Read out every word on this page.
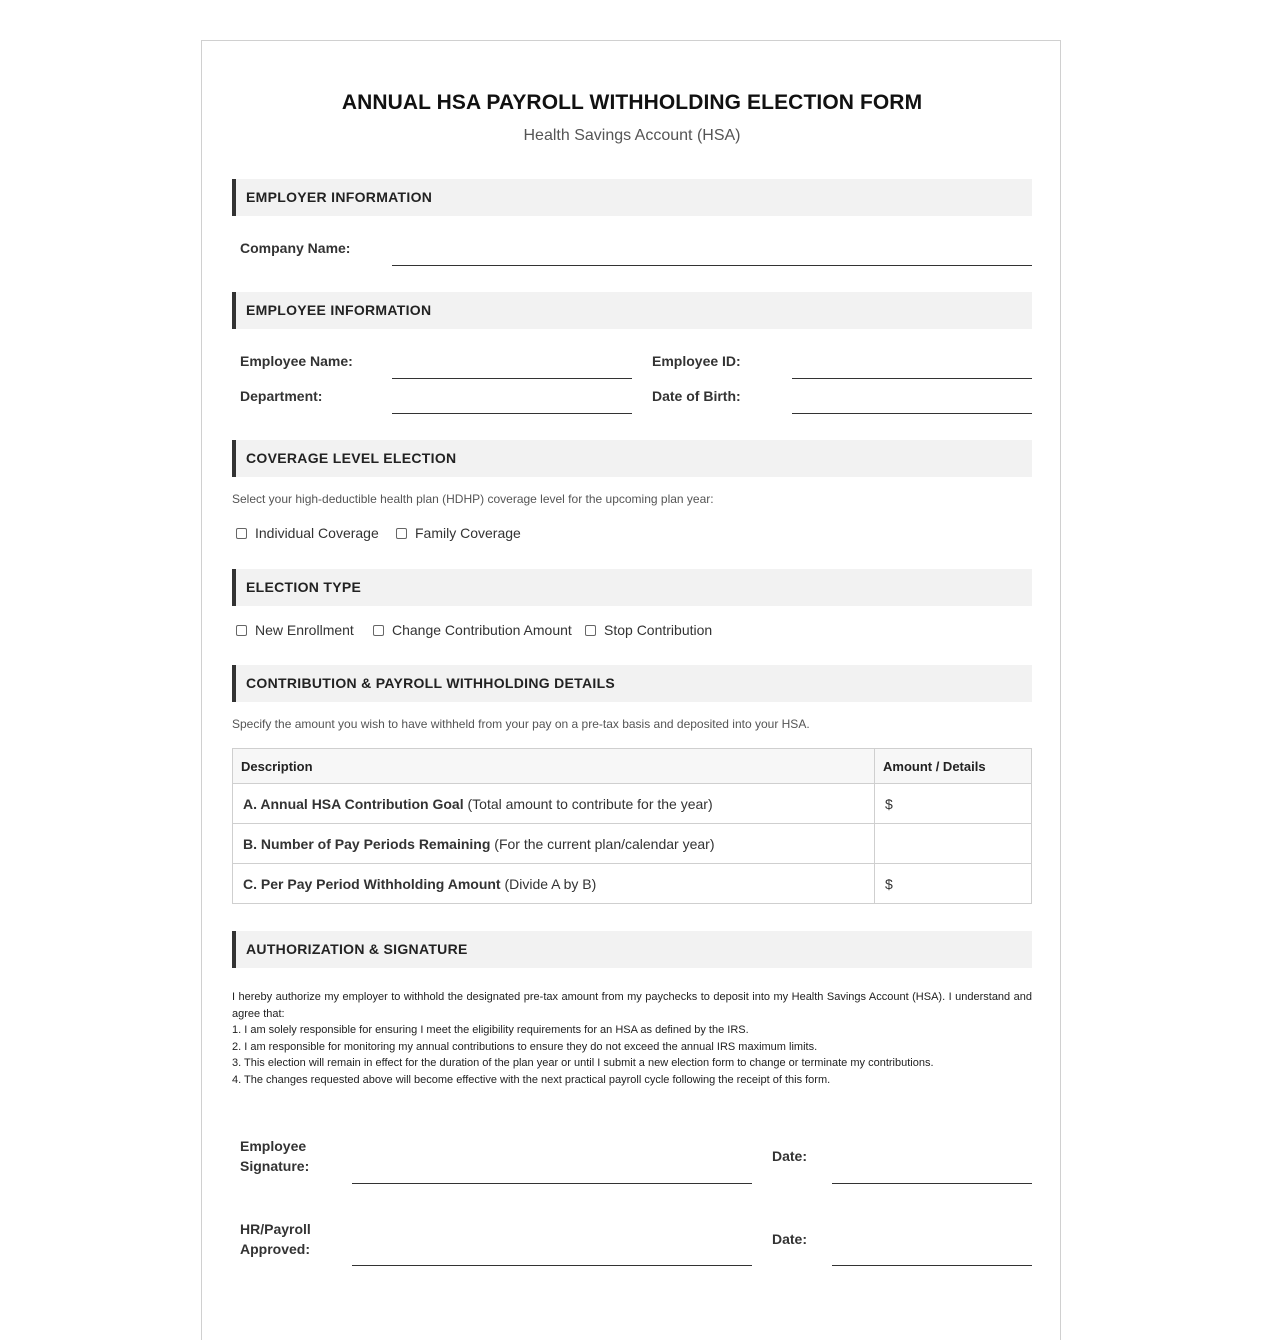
ANNUAL HSA PAYROLL WITHHOLDING ELECTION FORM
Health Savings Account (HSA)
EMPLOYER INFORMATION
Company Name:
EMPLOYEE INFORMATION
Employee Name:	Employee ID:
Department:	Date of Birth:
COVERAGE LEVEL ELECTION
Select your high-deductible health plan (HDHP) coverage level for the upcoming plan year:
Individual Coverage	Family Coverage
ELECTION TYPE
New Enrollment	Change Contribution Amount Stop Contribution
CONTRIBUTION & PAYROLL WITHHOLDING DETAILS
Specify the amount you wish to have withheld from your pay on a pre-tax basis and deposited into your HSA.
Description	Amount / Details
A. Annual HSA Contribution Goal (Total amount to contribute for the year)	$
B. Number of Pay Periods Remaining (For the current plan/calendar year)	
C. Per Pay Period Withholding Amount (Divide A by B)	$
AUTHORIZATION & SIGNATURE

I hereby authorize my employer to withhold the designated pre-tax amount from my paychecks to deposit into my Health Savings Account (HSA). I understand and agree that:

1. I am solely responsible for ensuring I meet the eligibility requirements for an HSA as defined by the IRS.

2. I am responsible for monitoring my annual contributions to ensure they do not exceed the annual IRS maximum limits.

3. This election will remain in effect for the duration of the plan year or until I submit a new election form to change or terminate my contributions.

4. The changes requested above will become effective with the next practical payroll cycle following the receipt of this form.

Employee
Signature:
Date:
HR/Payroll
Approved:
Date:
